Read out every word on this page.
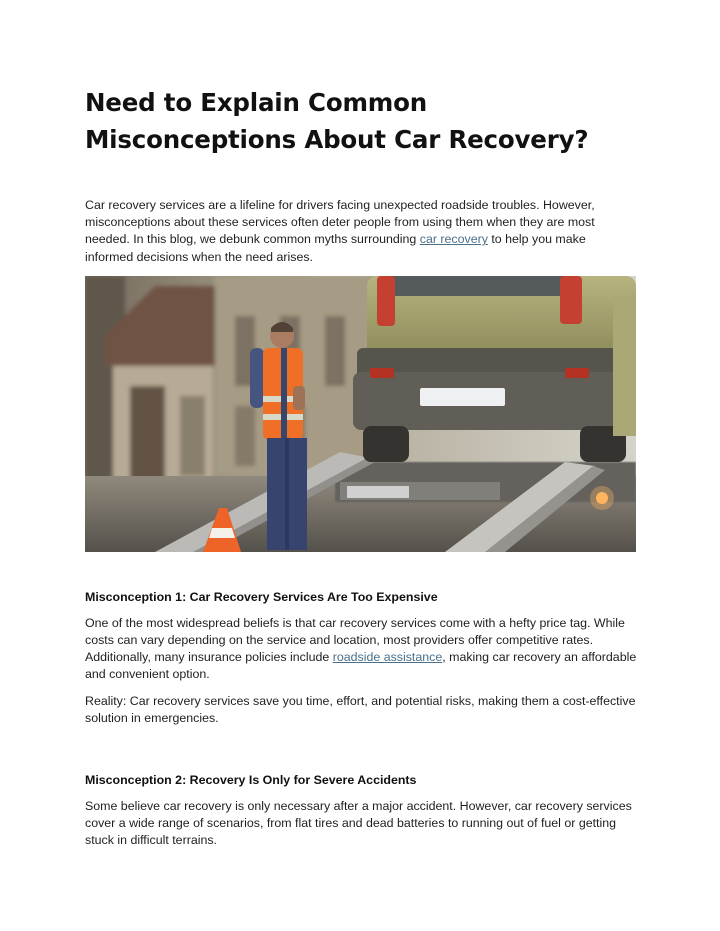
Need to Explain Common Misconceptions About Car Recovery?

Car recovery services are a lifeline for drivers facing unexpected roadside troubles. However, misconceptions about these services often deter people from using them when they are most needed. In this blog, we debunk common myths surrounding car recovery to help you make informed decisions when the need arises.

Misconception 1: Car Recovery Services Are Too Expensive

One of the most widespread beliefs is that car recovery services come with a hefty price tag. While costs can vary depending on the service and location, most providers offer competitive rates. Additionally, many insurance policies include roadside assistance, making car recovery an affordable and convenient option.

Reality: Car recovery services save you time, effort, and potential risks, making them a cost-effective solution in emergencies.

Misconception 2: Recovery Is Only for Severe Accidents

Some believe car recovery is only necessary after a major accident. However, car recovery services cover a wide range of scenarios, from flat tires and dead batteries to running out of fuel or getting stuck in difficult terrains.
